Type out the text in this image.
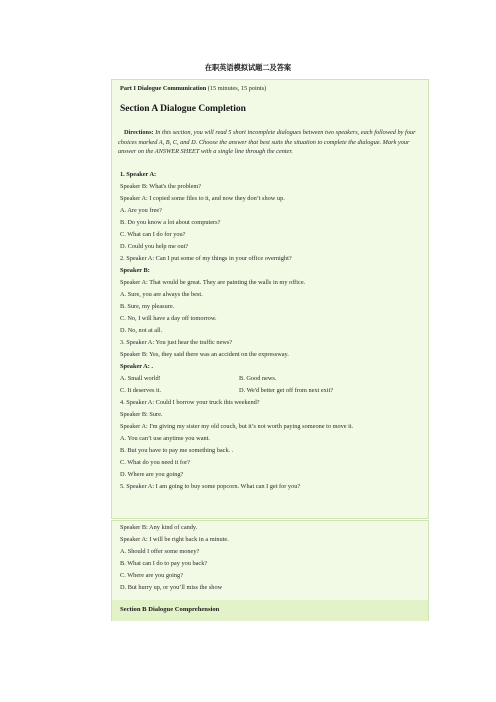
在职英语模拟试题二及答案
Part I Dialogue Communication (15 minutes, 15 points)
Section A Dialogue Completion
Directions: In this section, you will read 5 short incomplete dialogues between two speakers, each followed by four choices marked A, B, C, and D. Choose the answer that best suits the situation to complete the dialogue. Mark your answer on the ANSWER SHEET with a single line through the center.
1. Speaker A:
Speaker B: What's the problem?
Speaker A: I copied some files to it, and now they don’t show up.
A. Are you free?
B. Do you know a lot about computers?
C. What can I do for you?
D. Could you help me out?
2. Speaker A: Can I put some of my things in your office overnight?
Speaker B:
Speaker A: That would be great. They are painting the walls in my office.
A. Sure, you are always the best.
B. Sure, my pleasure.
C. No, I will have a day off tomorrow.
D. No, not at all.
3. Speaker A: You just hear the traffic news?
Speaker B: Yes, they said there was an accident on the expressway.
Speaker A: .
A. Small world!	B. Good news.
C. It deserves it.	D. We'd better get off from next exit?
4. Speaker A: Could I borrow your truck this weekend?
Speaker B: Sure.
Speaker A: I'm giving my sister my old couch, but it’s not worth paying someone to move it.
A. You can’t use anytime you want.
B. But you have to pay me something back. .
C. What do you need it for?
D. Where are you going?
5. Speaker A: I am going to buy some popcorn. What can I get for you?
Speaker B: Any kind of candy.
Speaker A: I will be right back in a minute.
A. Should I offer some money?
B. What can I do to pay you back?
C. Where are you going?
D. But hurry up, or you’ll miss the show
Section B Dialogue Comprehension
